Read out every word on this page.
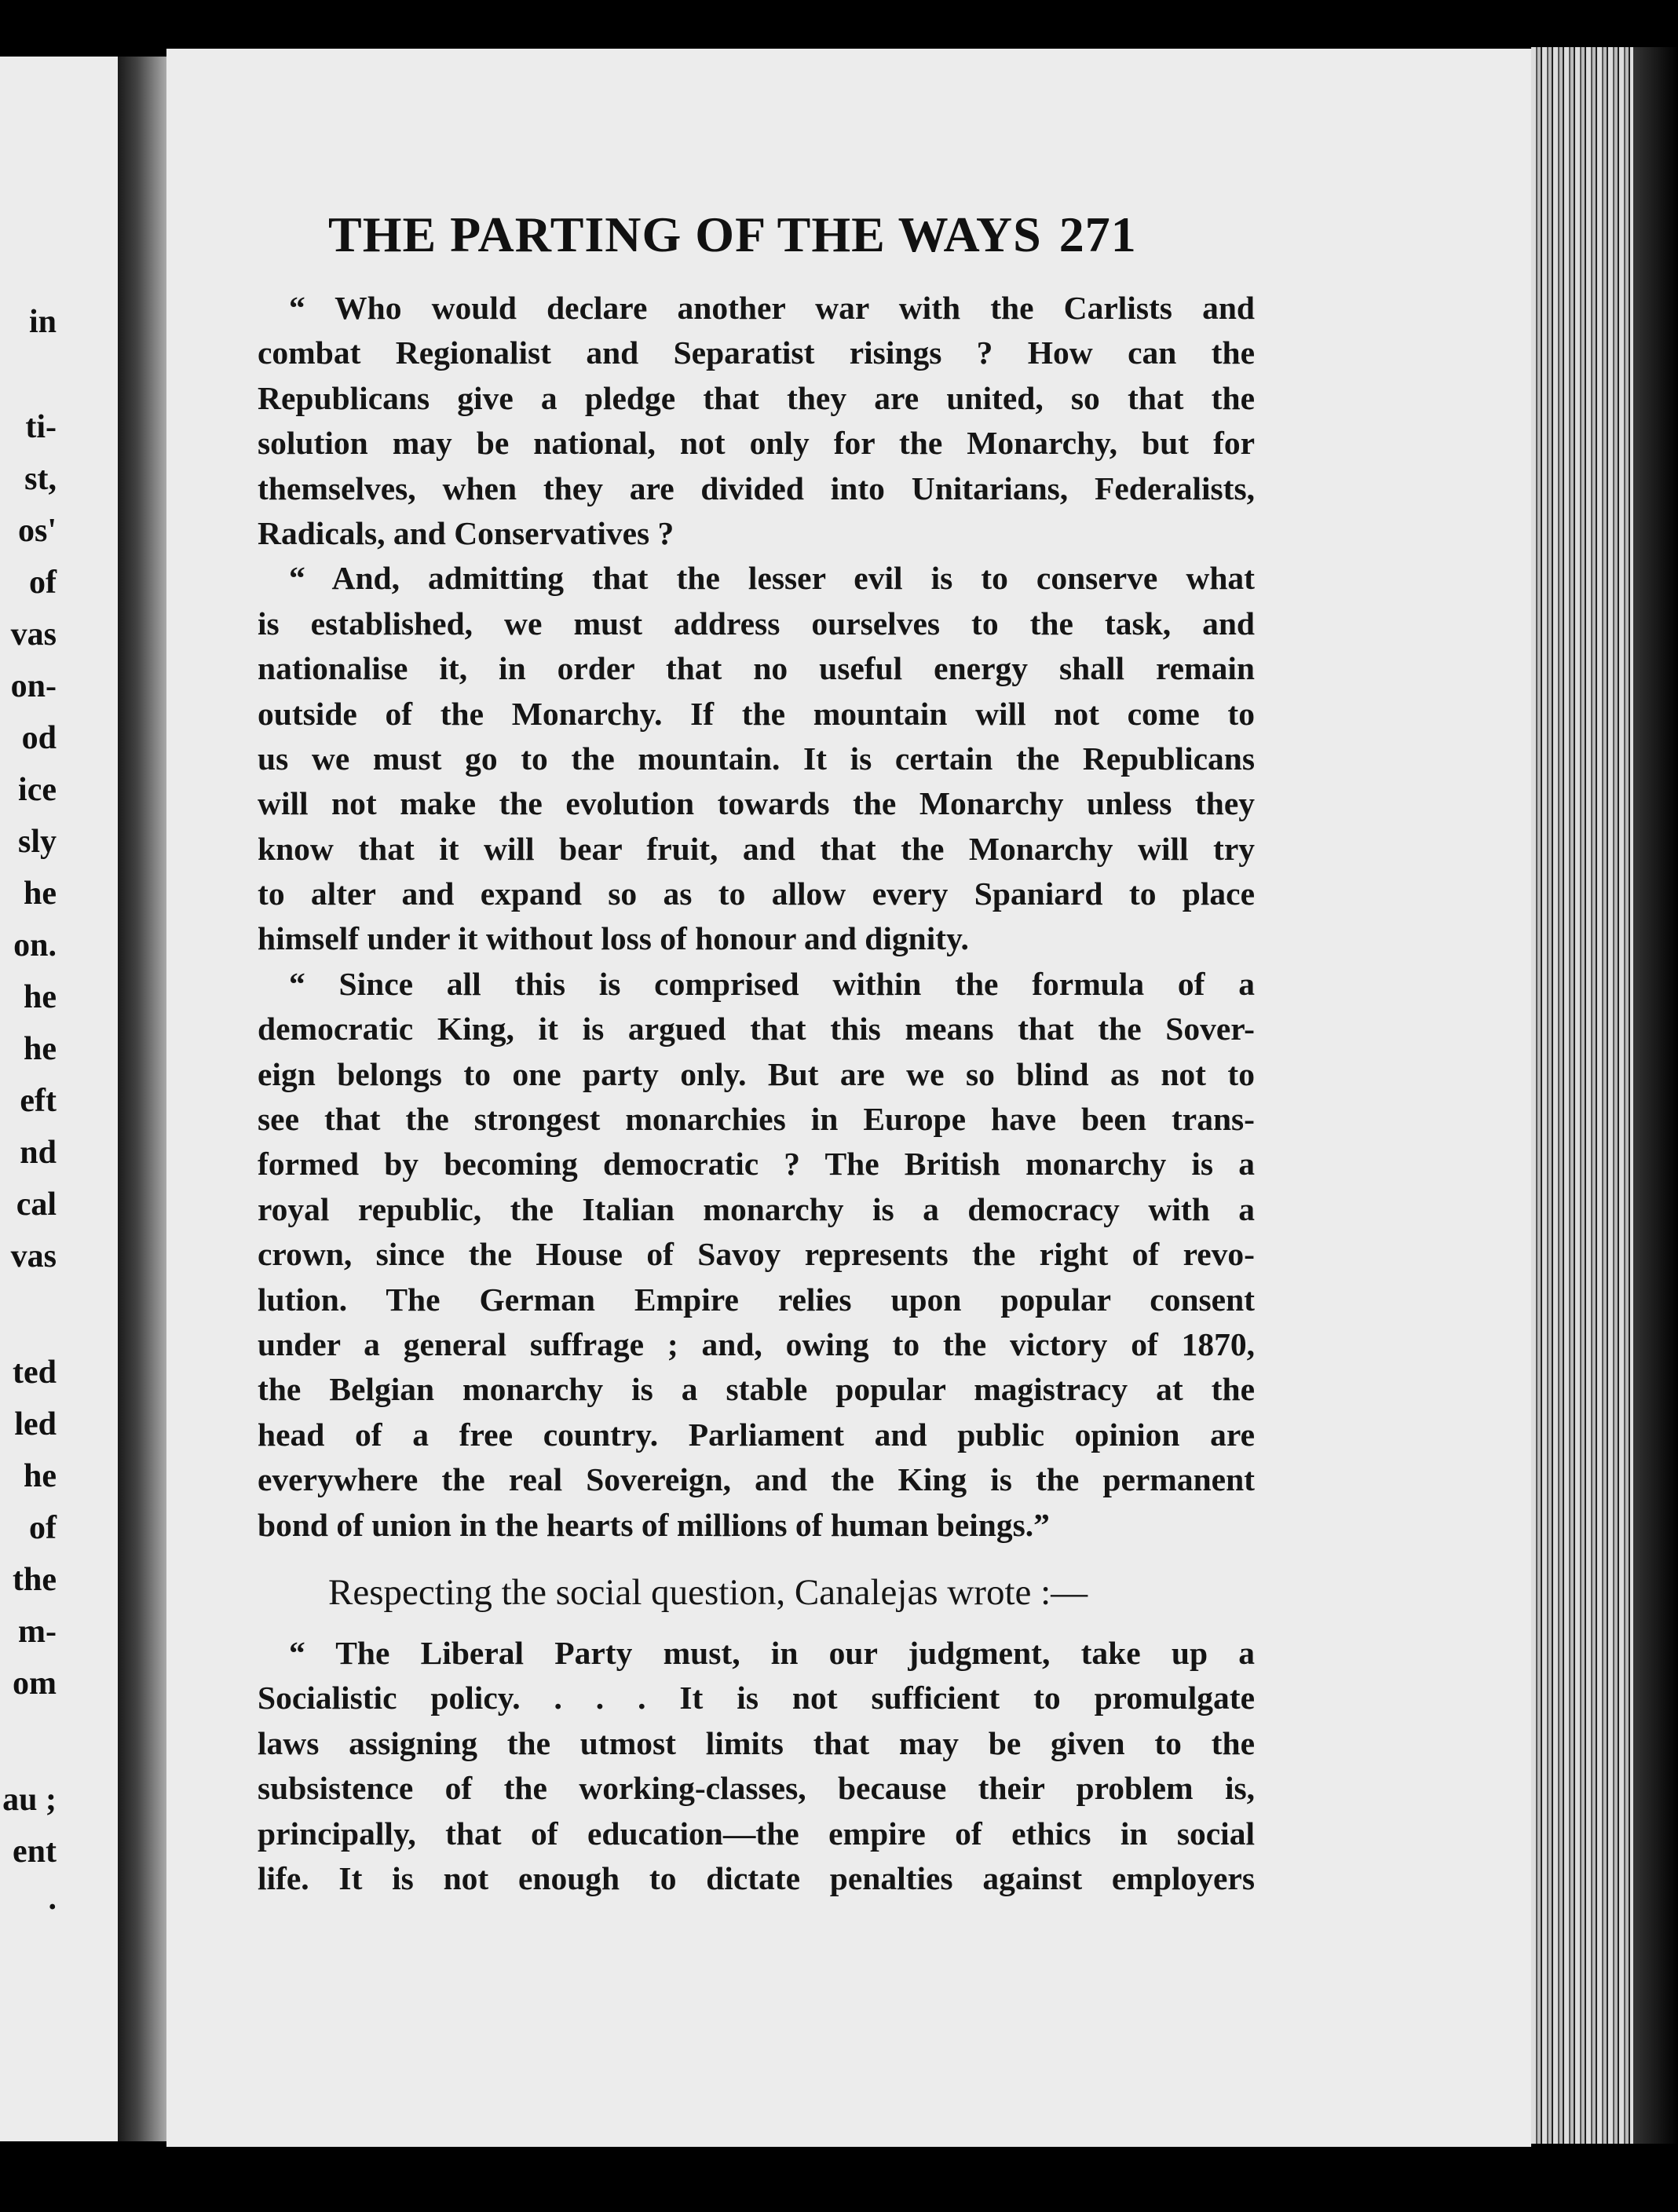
in
ti-
st,
os'
of
vas
on-
od
ice
sly
he
on.
he
he
eft
nd
cal
vas
ted
led
he
of
the
m-
om
au ;
ent
.
THE PARTING OF THE WAYS 271
“ Who would declare another war with the Carlists and
combat Regionalist and Separatist risings ? How can the
Republicans give a pledge that they are united, so that the
solution may be national, not only for the Monarchy, but for
themselves, when they are divided into Unitarians, Federalists,
Radicals, and Conservatives ?
“ And, admitting that the lesser evil is to conserve what
is established, we must address ourselves to the task, and
nationalise it, in order that no useful energy shall remain
outside of the Monarchy. If the mountain will not come to
us we must go to the mountain. It is certain the Republicans
will not make the evolution towards the Monarchy unless they
know that it will bear fruit, and that the Monarchy will try
to alter and expand so as to allow every Spaniard to place
himself under it without loss of honour and dignity.
“ Since all this is comprised within the formula of a
democratic King, it is argued that this means that the Sover-
eign belongs to one party only. But are we so blind as not to
see that the strongest monarchies in Europe have been trans-
formed by becoming democratic ? The British monarchy is a
royal republic, the Italian monarchy is a democracy with a
crown, since the House of Savoy represents the right of revo-
lution. The German Empire relies upon popular consent
under a general suffrage ; and, owing to the victory of 1870,
the Belgian monarchy is a stable popular magistracy at the
head of a free country. Parliament and public opinion are
everywhere the real Sovereign, and the King is the permanent
bond of union in the hearts of millions of human beings.”
Respecting the social question, Canalejas wrote :—
“ The Liberal Party must, in our judgment, take up a
Socialistic policy. . . . It is not sufficient to promulgate
laws assigning the utmost limits that may be given to the
subsistence of the working-classes, because their problem is,
principally, that of education—the empire of ethics in social
life. It is not enough to dictate penalties against employers
